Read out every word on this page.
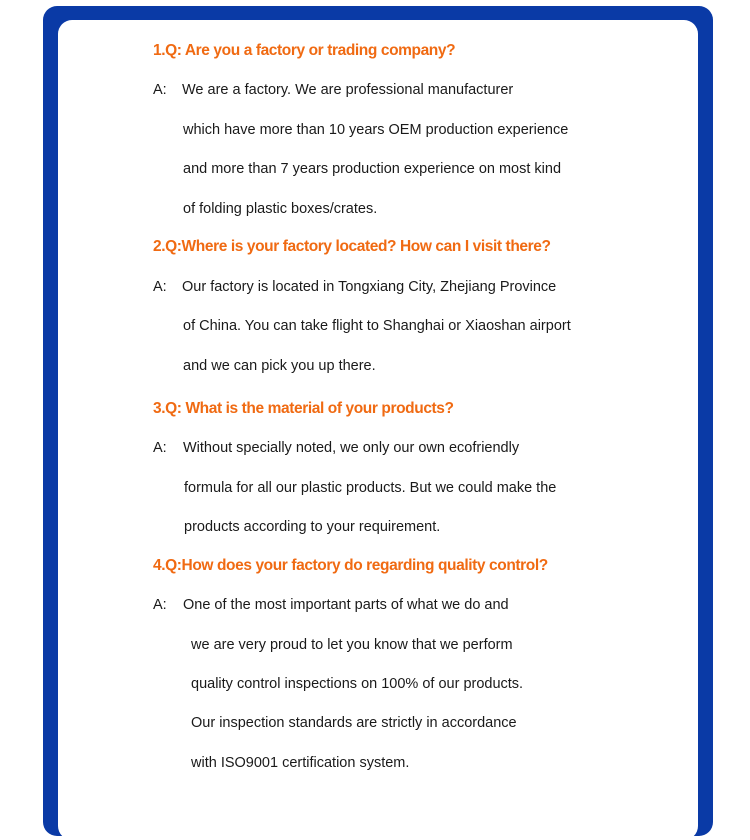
1.Q: Are you a factory or trading company?
A: We are a factory. We are professional manufacturer
which have more than 10 years OEM production experience
and more than 7 years production experience on most kind
of folding plastic boxes/crates.
2.Q:Where is your factory located? How can I visit there?
A: Our factory is located in Tongxiang City, Zhejiang Province
of China. You can take flight to Shanghai or Xiaoshan airport
and we can pick you up there.
3.Q: What is the material of your products?
A: Without specially noted, we only our own ecofriendly
formula for all our plastic products. But we could make the
products according to your requirement.
4.Q:How does your factory do regarding quality control?
A: One of the most important parts of what we do and
we are very proud to let you know that we perform
quality control inspections on 100% of our products.
Our inspection standards are strictly in accordance
with ISO9001 certification system.
